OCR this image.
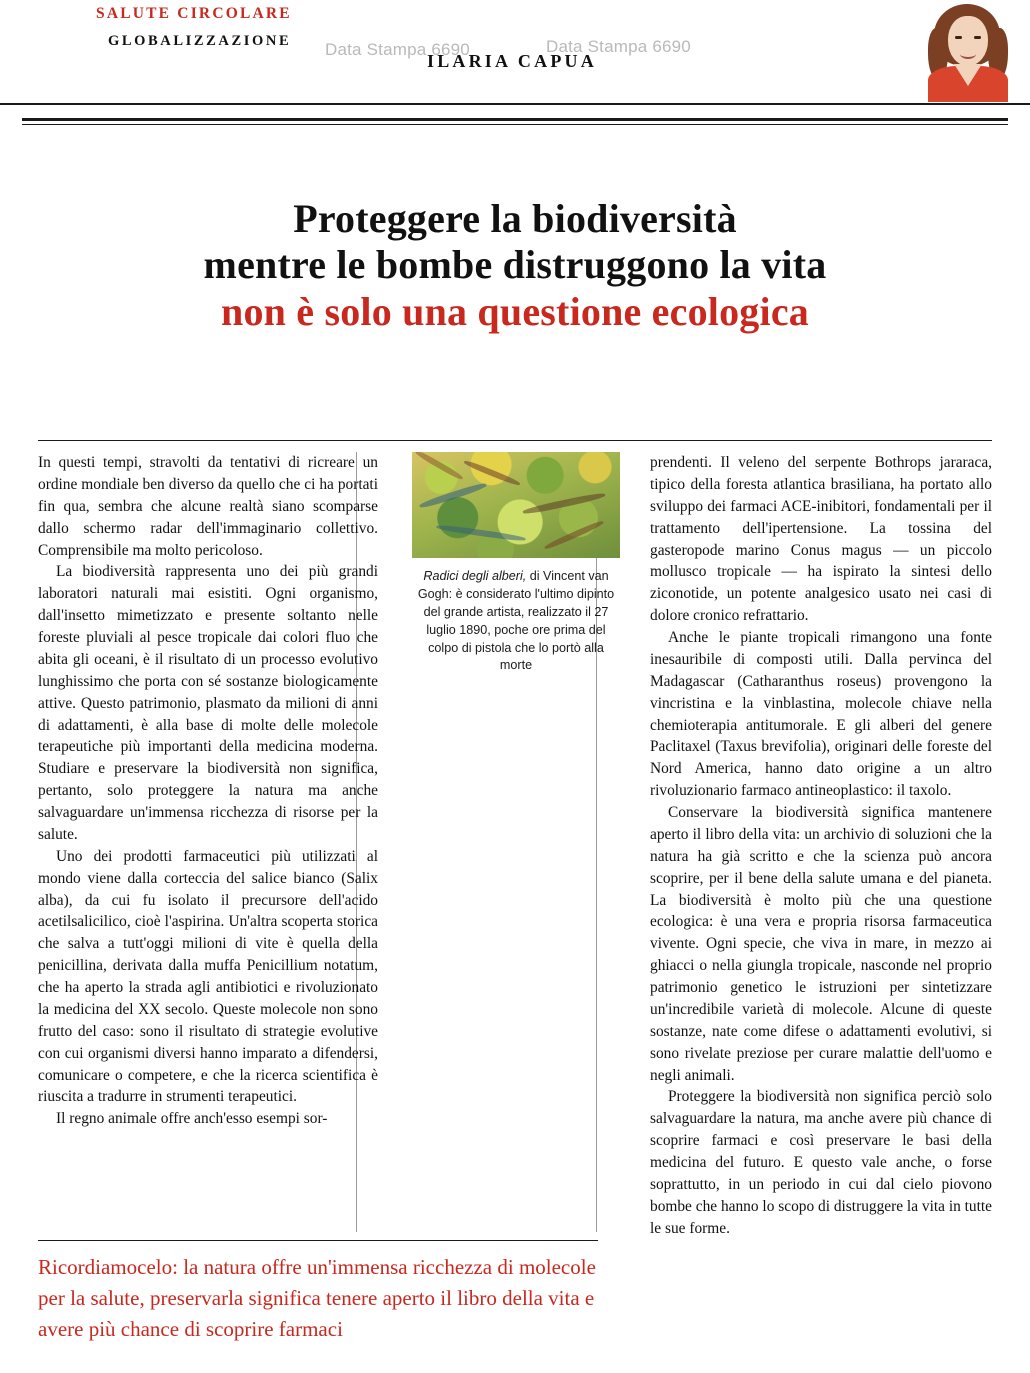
SALUTE CIRCOLARE
GLOBALIZZAZIONE
ILARIA CAPUA
Data Stampa 6690	Data Stampa 6690
Proteggere la biodiversità
mentre le bombe distruggono la vita
non è solo una questione ecologica

In questi tempi, stravolti da tentativi di ricreare un ordine mondiale ben diverso da quello che ci ha portati fin qua, sembra che alcune realtà siano scomparse dallo schermo radar dell'immaginario collettivo. Comprensibile ma molto pericoloso.

La biodiversità rappresenta uno dei più grandi laboratori naturali mai esistiti. Ogni organismo, dall'insetto mimetizzato e presente soltanto nelle foreste pluviali al pesce tropicale dai colori fluo che abita gli oceani, è il risultato di un processo evolutivo lunghissimo che porta con sé sostanze biologicamente attive. Questo patrimonio, plasmato da milioni di anni di adattamenti, è alla base di molte delle molecole terapeutiche più importanti della medicina moderna. Studiare e preservare la biodiversità non significa, pertanto, solo proteggere la natura ma anche salvaguardare un'immensa ricchezza di risorse per la salute.

Uno dei prodotti farmaceutici più utilizzati al mondo viene dalla corteccia del salice bianco (Salix alba), da cui fu isolato il precursore dell'acido acetilsalicilico, cioè l'aspirina. Un'altra scoperta storica che salva a tutt'oggi milioni di vite è quella della penicillina, derivata dalla muffa Penicillium notatum, che ha aperto la strada agli antibiotici e rivoluzionato la medicina del XX secolo. Queste molecole non sono frutto del caso: sono il risultato di strategie evolutive con cui organismi diversi hanno imparato a difendersi, comunicare o competere, e che la ricerca scientifica è riuscita a tradurre in strumenti terapeutici.

Il regno animale offre anch'esso esempi sor-

Radici degli alberi, di Vincent van Gogh: è considerato l'ultimo dipinto del grande artista, realizzato il 27 luglio 1890, poche ore prima del colpo di pistola che lo portò alla morte

prendenti. Il veleno del serpente Bothrops jararaca, tipico della foresta atlantica brasiliana, ha portato allo sviluppo dei farmaci ACE-inibitori, fondamentali per il trattamento dell'ipertensione. La tossina del gasteropode marino Conus magus — un piccolo mollusco tropicale — ha ispirato la sintesi dello ziconotide, un potente analgesico usato nei casi di dolore cronico refrattario.

Anche le piante tropicali rimangono una fonte inesauribile di composti utili. Dalla pervinca del Madagascar (Catharanthus roseus) provengono la vincristina e la vinblastina, molecole chiave nella chemioterapia antitumorale. E gli alberi del genere Paclitaxel (Taxus brevifolia), originari delle foreste del Nord America, hanno dato origine a un altro rivoluzionario farmaco antineoplastico: il taxolo.

Conservare la biodiversità significa mantenere aperto il libro della vita: un archivio di soluzioni che la natura ha già scritto e che la scienza può ancora scoprire, per il bene della salute umana e del pianeta. La biodiversità è molto più che una questione ecologica: è una vera e propria risorsa farmaceutica vivente. Ogni specie, che viva in mare, in mezzo ai ghiacci o nella giungla tropicale, nasconde nel proprio patrimonio genetico le istruzioni per sintetizzare un'incredibile varietà di molecole. Alcune di queste sostanze, nate come difese o adattamenti evolutivi, si sono rivelate preziose per curare malattie dell'uomo e negli animali.

Proteggere la biodiversità non significa perciò solo salvaguardare la natura, ma anche avere più chance di scoprire farmaci e così preservare le basi della medicina del futuro. E questo vale anche, o forse soprattutto, in un periodo in cui dal cielo piovono bombe che hanno lo scopo di distruggere la vita in tutte le sue forme.

Ricordiamocelo: la natura offre un'immensa ricchezza di molecole per la salute, preservarla significa tenere aperto il libro della vita e avere più chance di scoprire farmaci
